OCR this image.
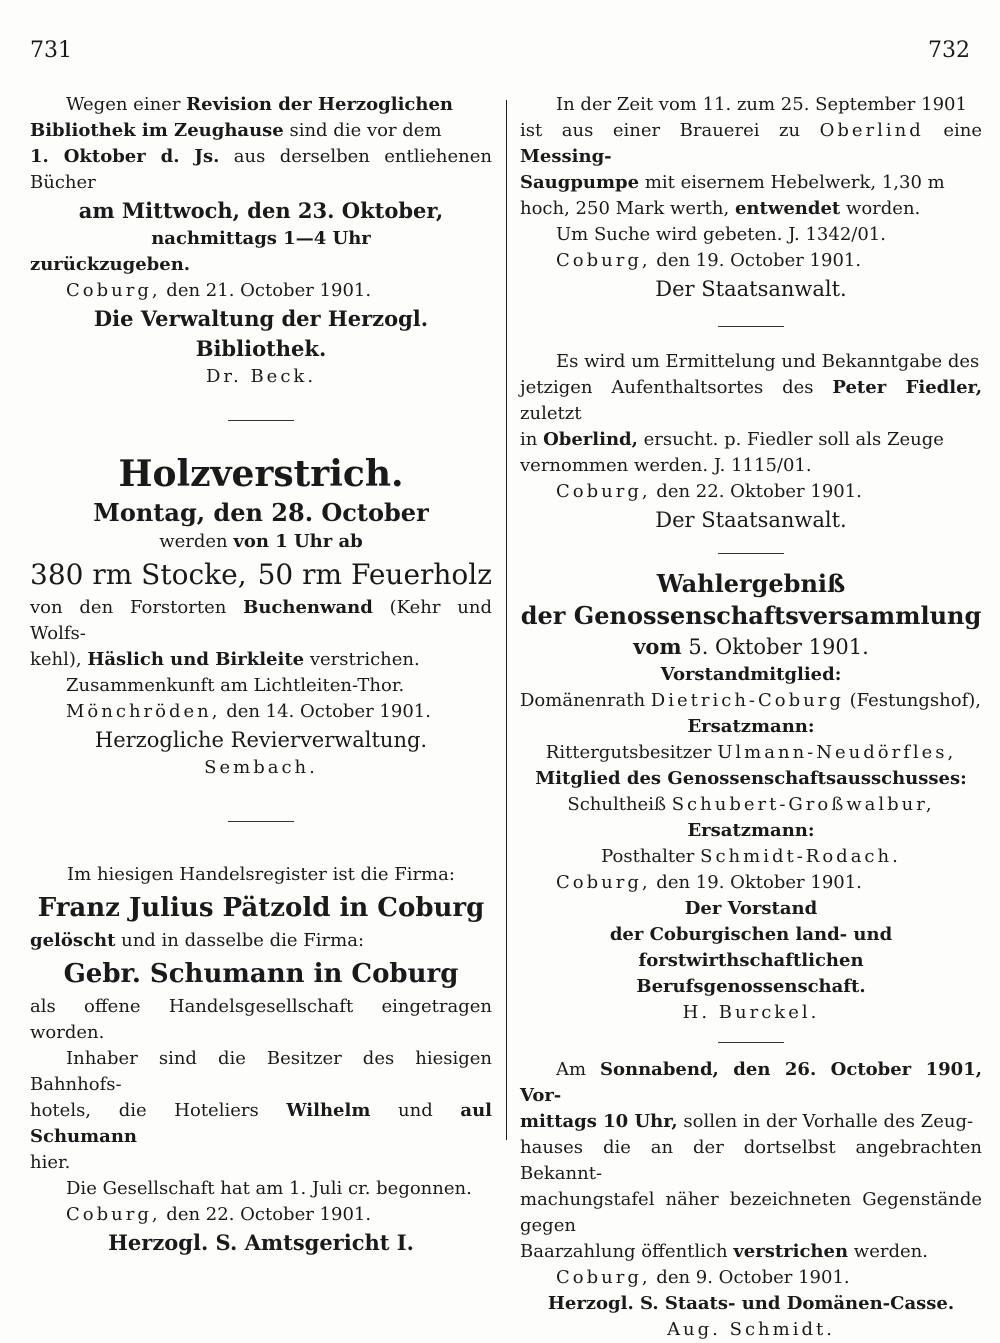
731	732

Wegen einer Revision der Herzoglichen

Bibliothek im Zeughause sind die vor dem

1. Oktober d. Js. aus derselben entliehenen Bücher

am Mittwoch, den 23. Oktober,

nachmittags 1—4 Uhr

zurückzugeben.

Coburg, den 21. October 1901.

Die Verwaltung der Herzogl. Bibliothek.

Dr. Beck.

Holzverstrich.

Montag, den 28. October

werden von 1 Uhr ab

380 rm Stocke, 50 rm Feuerholz

von den Forstorten Buchenwand (Kehr und Wolfs-

kehl), Häslich und Birkleite verstrichen.

Zusammenkunft am Lichtleiten-Thor.

Mönchröden, den 14. October 1901.

Herzogliche Revierverwaltung.

Sembach.

Im hiesigen Handelsregister ist die Firma:

Franz Julius Pätzold in Coburg

gelöscht und in dasselbe die Firma:

Gebr. Schumann in Coburg

als offene Handelsgesellschaft eingetragen worden.

Inhaber sind die Besitzer des hiesigen Bahnhofs-

hotels, die Hoteliers Wilhelm und aul Schumann

hier.

Die Gesellschaft hat am 1. Juli cr. begonnen.

Coburg, den 22. October 1901.

Herzogl. S. Amtsgericht I.

In der Zeit vom 11. zum 25. September 1901

ist aus einer Brauerei zu Oberlind eine Messing-

Saugpumpe mit eisernem Hebelwerk, 1,30 m

hoch, 250 Mark werth, entwendet worden.

Um Suche wird gebeten. J. 1342/01.

Coburg, den 19. October 1901.

Der Staatsanwalt.

Es wird um Ermittelung und Bekanntgabe des

jetzigen Aufenthaltsortes des Peter Fiedler, zuletzt

in Oberlind, ersucht. p. Fiedler soll als Zeuge

vernommen werden. J. 1115/01.

Coburg, den 22. Oktober 1901.

Der Staatsanwalt.

Wahlergebniß

der Genossenschaftsversammlung

vom 5. Oktober 1901.

Vorstandmitglied:

Domänenrath Dietrich-Coburg (Festungshof),

Ersatzmann:

Rittergutsbesitzer Ulmann-Neudörfles,

Mitglied des Genossenschaftsausschusses:

Schultheiß Schubert-Großwalbur,

Ersatzmann:

Posthalter Schmidt-Rodach.

Coburg, den 19. Oktober 1901.

Der Vorstand

der Coburgischen land- und forstwirthschaftlichen

Berufsgenossenschaft.

H. Burckel.

Am Sonnabend, den 26. October 1901, Vor-

mittags 10 Uhr, sollen in der Vorhalle des Zeug-

hauses die an der dortselbst angebrachten Bekannt-

machungstafel näher bezeichneten Gegenstände gegen

Baarzahlung öffentlich verstrichen werden.

Coburg, den 9. October 1901.

Herzogl. S. Staats- und Domänen-Casse.

Aug. Schmidt.
